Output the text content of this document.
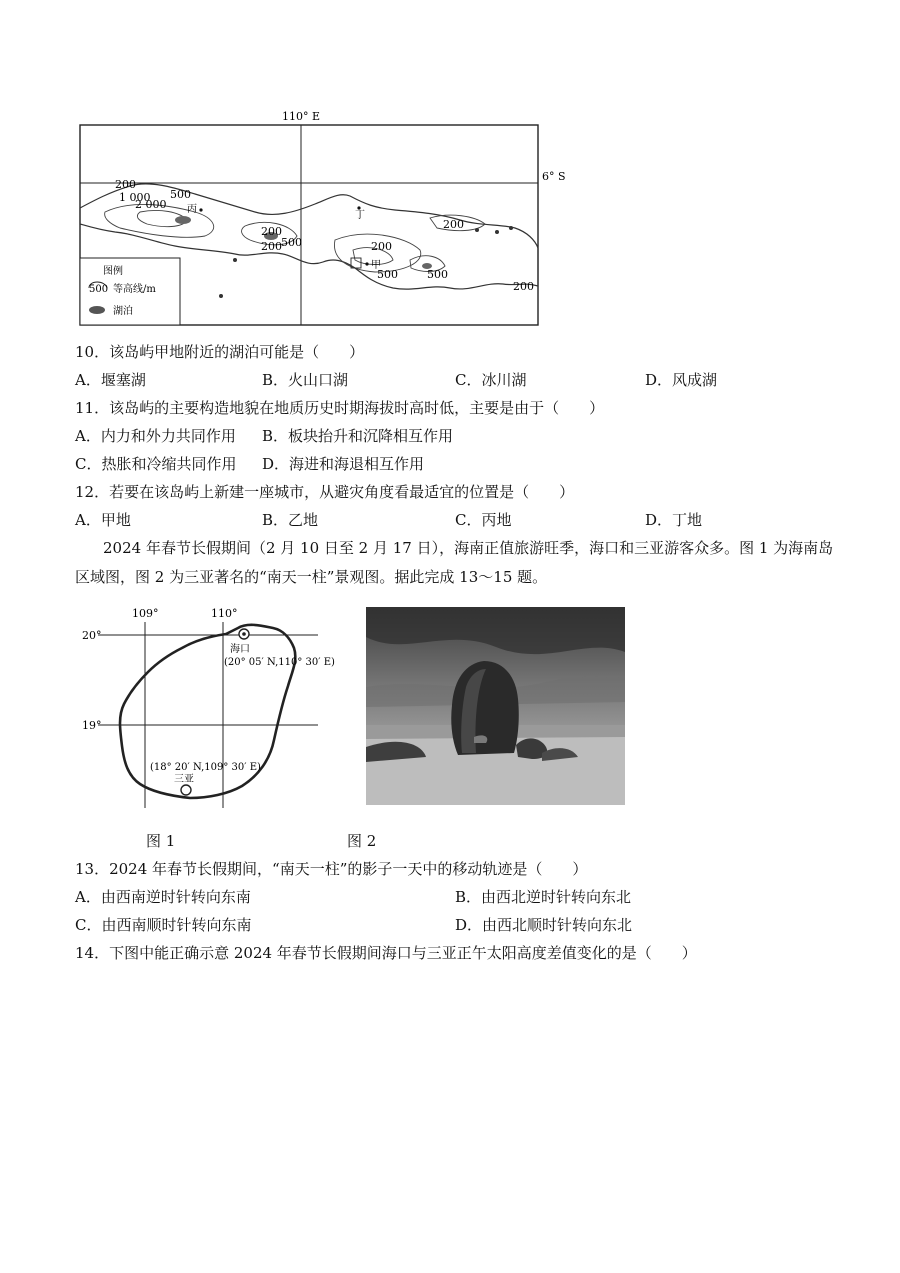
110° E
6° S
200
1 000
2 000
500
200
200 500	200
500
200
500
200
丙
丁
甲
图例
500 等高线/m
湖泊
10．该岛屿甲地附近的湖泊可能是（　　）
A．堰塞湖	B．火山口湖	C．冰川湖	D．风成湖
11．该岛屿的主要构造地貌在地质历史时期海拔时高时低，主要是由于（　　）
A．内力和外力共同作用 B．板块抬升和沉降相互作用
C．热胀和冷缩共同作用 D．海进和海退相互作用
12．若要在该岛屿上新建一座城市，从避灾角度看最适宜的位置是（　　）
A．甲地	B．乙地	C．丙地	D．丁地
2024 年春节长假期间（2 月 10 日至 2 月 17 日），海南正值旅游旺季，海口和三亚游客众多。图 1 为海南岛区域图，图 2 为三亚著名的“南天一柱”景观图。据此完成 13～15 题。
109°	110°
20°
19°
海口
(20° 05′ N,110° 30′ E)
(18° 20′ N,109° 30′ E)
三亚
图 1	图 2
13．2024 年春节长假期间，“南天一柱”的影子一天中的移动轨迹是（　　）
A．由西南逆时针转向东南	B．由西北逆时针转向东北
C．由西南顺时针转向东南	D．由西北顺时针转向东北
14．下图中能正确示意 2024 年春节长假期间海口与三亚正午太阳高度差值变化的是（　　）
